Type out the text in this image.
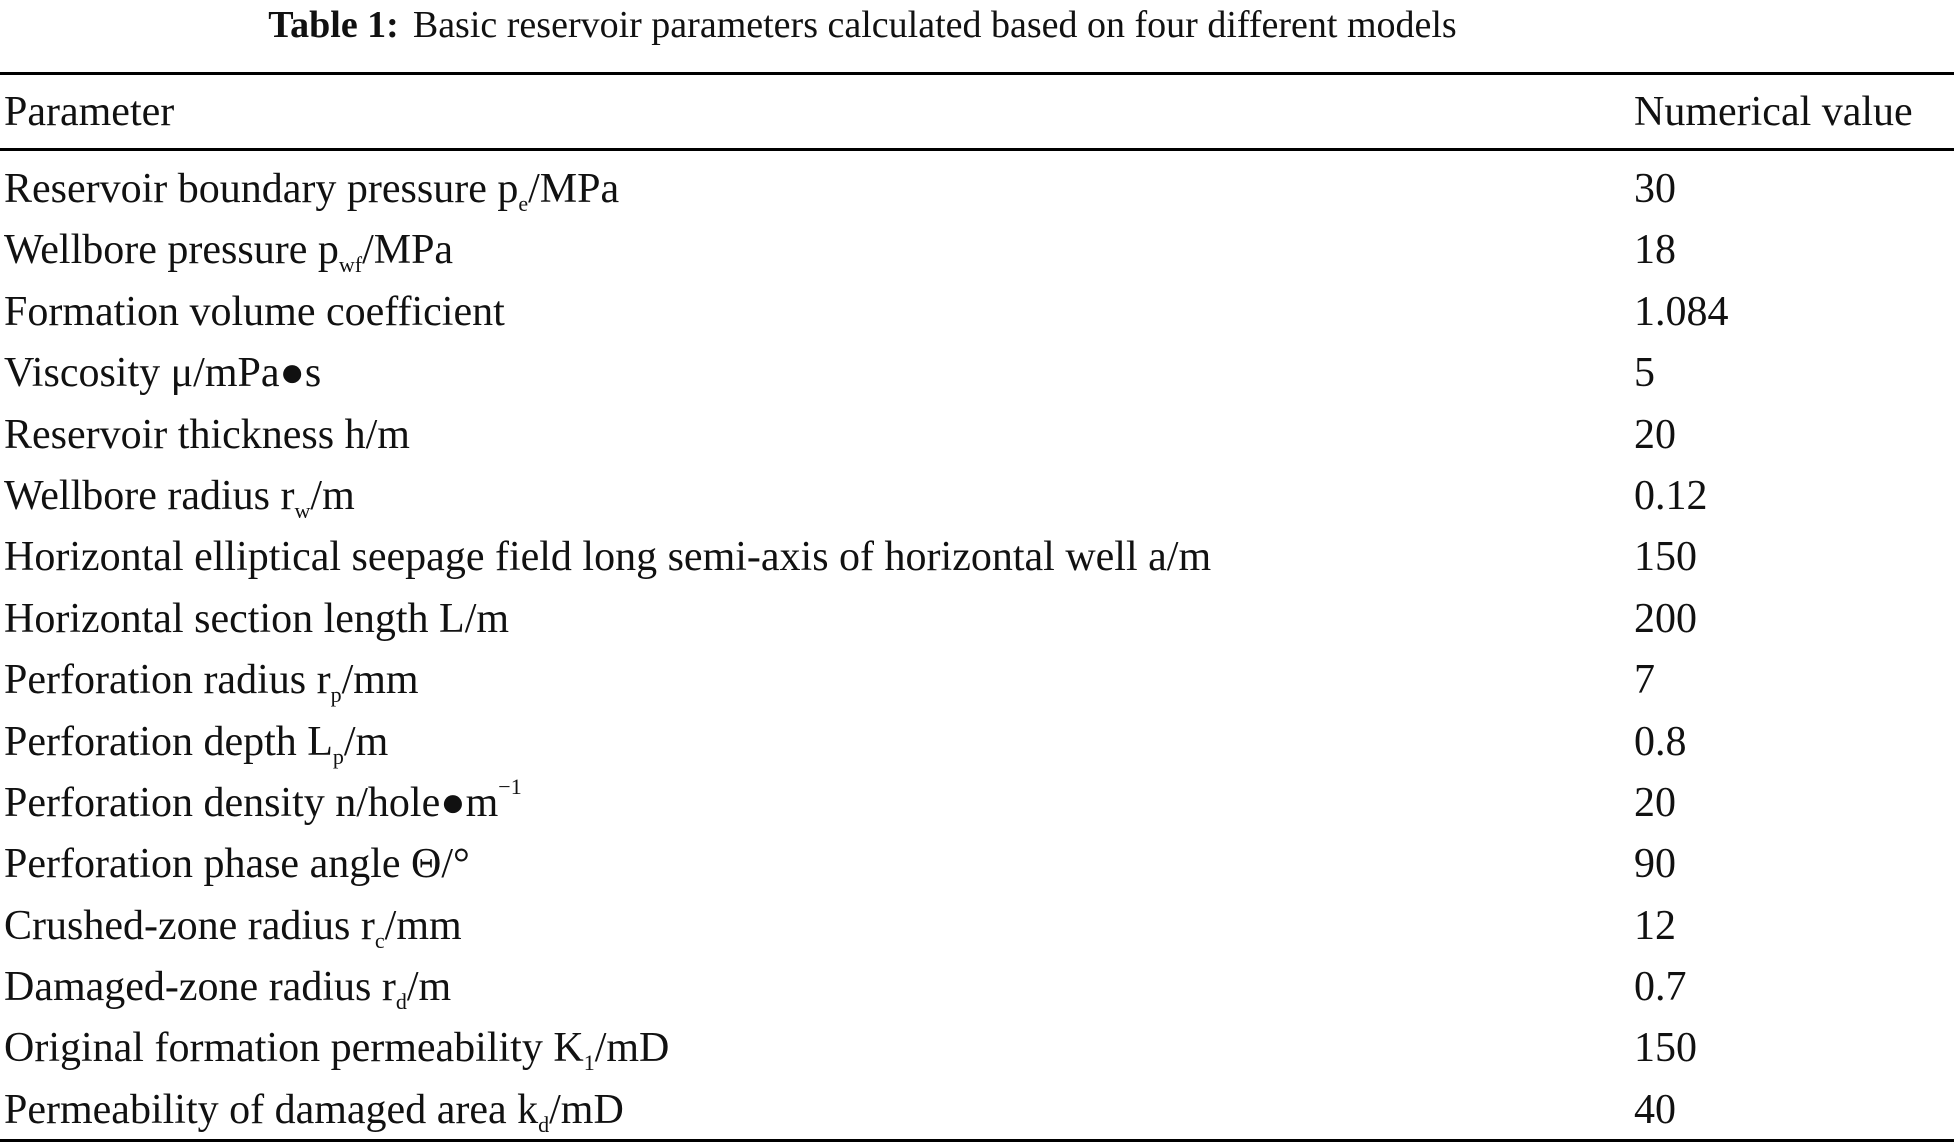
Table 1: Basic reservoir parameters calculated based on four different models
Parameter	Numerical value
Reservoir boundary pressure $p_e$/MPa	30
Wellbore pressure $p_{wf}$/MPa	18
Formation volume coefficient	1.084
Viscosity μ/mPa●s	5
Reservoir thickness h/m	20
Wellbore radius $r_w/m$	0.12
Horizontal elliptical seepage field long semi-axis of horizontal well a/m	150
Horizontal section length L/m	200
Perforation radius $r_p/mm$	7
Perforation depth $L_p/m$	0.8
Perforation density $n/hole●m^{-1}$	20
Perforation phase angle Θ/°	90
Crushed-zone radius $r_c/mm$	12
Damaged-zone radius $r_d/m$	0.7
Original formation permeability $K_1/mD$	150
Permeability of damaged area $k_d/mD$	40
